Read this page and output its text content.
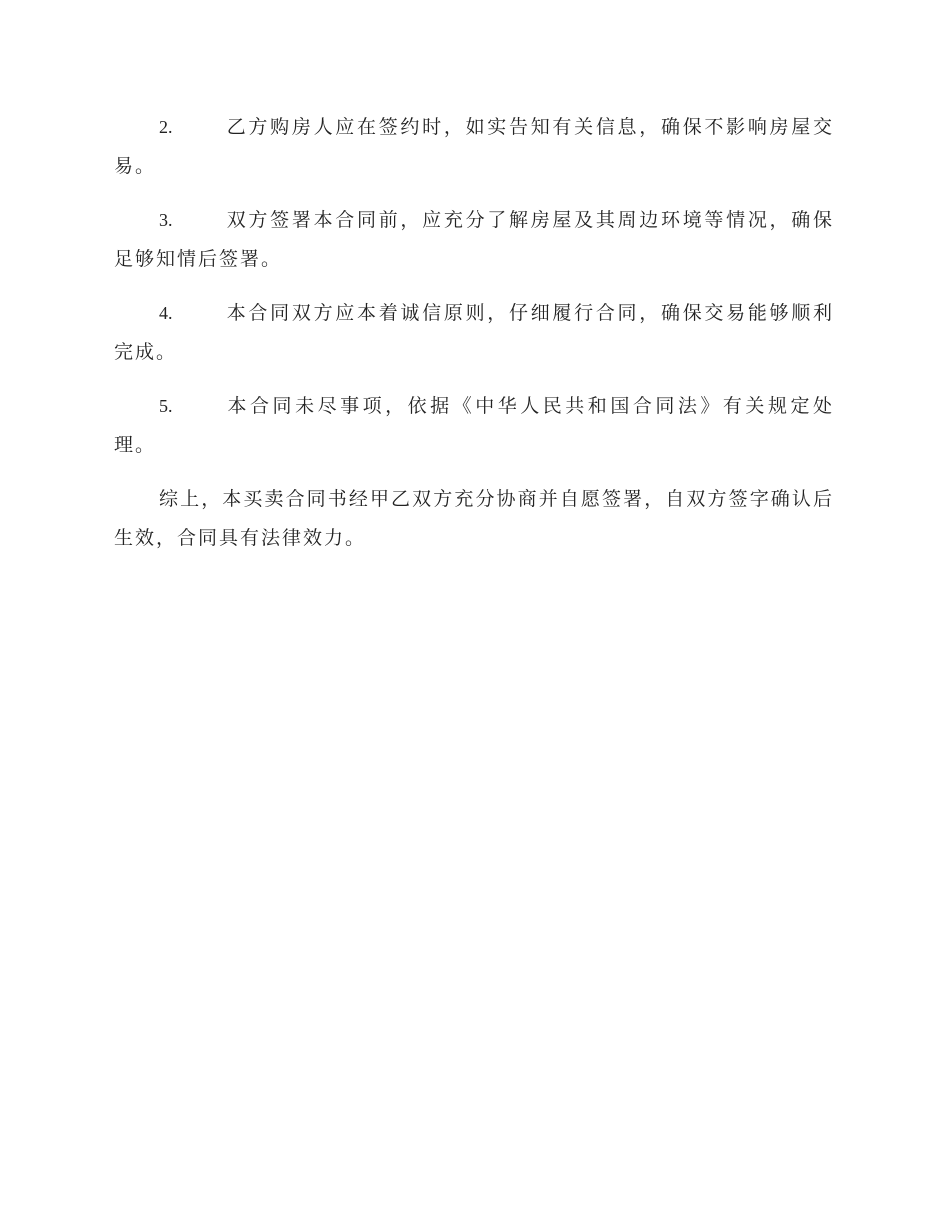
2.	乙方购房人应在签约时，如实告知有关信息，确保不影响房屋交易。

3.	双方签署本合同前，应充分了解房屋及其周边环境等情况，确保足够知情后签署。

4.	本合同双方应本着诚信原则，仔细履行合同，确保交易能够顺利完成。

5.	本合同未尽事项，依据《中华人民共和国合同法》有关规定处理。

综上，本买卖合同书经甲乙双方充分协商并自愿签署，自双方签字确认后生效，合同具有法律效力。
